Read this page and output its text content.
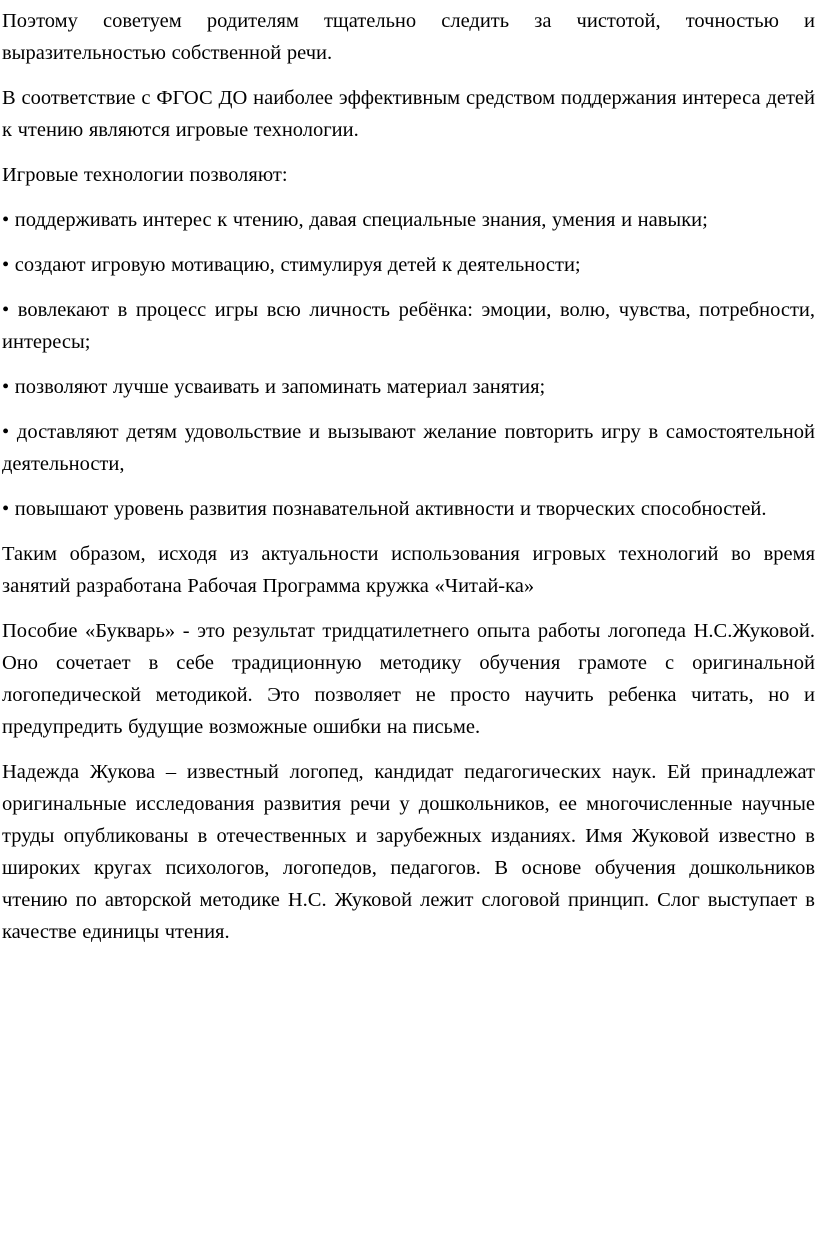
Поэтому советуем родителям тщательно следить за чистотой, точностью и выразительностью собственной речи.

В соответствие с ФГОС ДО наиболее эффективным средством поддержания интереса детей к чтению являются игровые технологии.

Игровые технологии позволяют:

• поддерживать интерес к чтению, давая специальные знания, умения и навыки;

• создают игровую мотивацию, стимулируя детей к деятельности;

• вовлекают в процесс игры всю личность ребёнка: эмоции, волю, чувства, потребности, интересы;

• позволяют лучше усваивать и запоминать материал занятия;

• доставляют детям удовольствие и вызывают желание повторить игру в самостоятельной деятельности,

• повышают уровень развития познавательной активности и творческих способностей.

Таким образом, исходя из актуальности использования игровых технологий во время занятий разработана Рабочая Программа кружка «Читай-ка»

Пособие «Букварь» - это результат тридцатилетнего опыта работы логопеда Н.С.Жуковой. Оно сочетает в себе традиционную методику обучения грамоте с оригинальной логопедической методикой. Это позволяет не просто научить ребенка читать, но и предупредить будущие возможные ошибки на письме.

Надежда Жукова – известный логопед, кандидат педагогических наук. Ей принадлежат оригинальные исследования развития речи у дошкольников, ее многочисленные научные труды опубликованы в отечественных и зарубежных изданиях. Имя Жуковой известно в широких кругах психологов, логопедов, педагогов. В основе обучения дошкольников чтению по авторской методике Н.С. Жуковой лежит слоговой принцип. Слог выступает в качестве единицы чтения.
